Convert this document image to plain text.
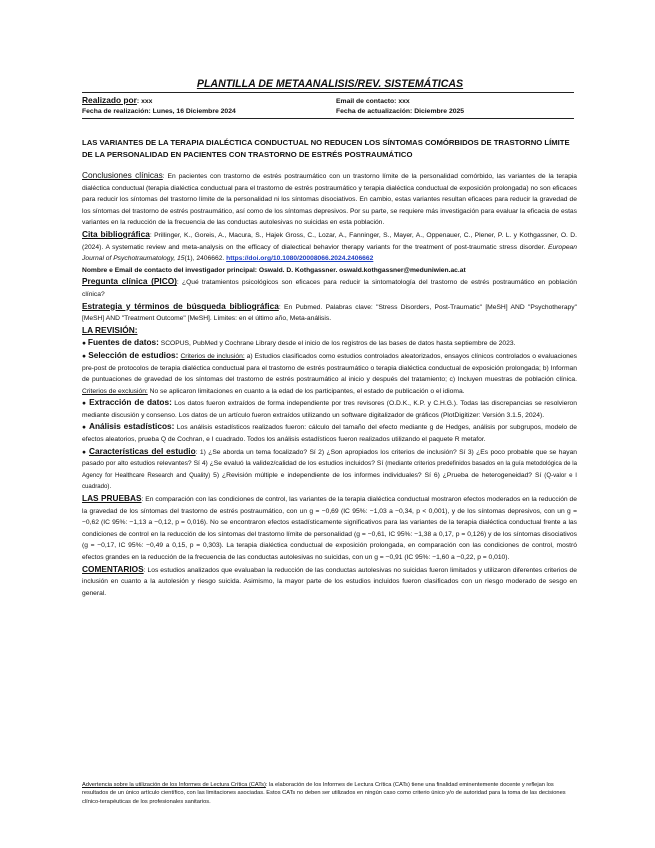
PLANTILLA DE METAANALISIS/REV. SISTEMÁTICAS
Realizado por: xxx	Email de contacto: xxx
Fecha de realización: Lunes, 16 Diciembre 2024	Fecha de actualización: Diciembre 2025
LAS VARIANTES DE LA TERAPIA DIALÉCTICA CONDUCTUAL NO REDUCEN LOS SÍNTOMAS COMÓRBIDOS DE TRASTORNO LÍMITE DE LA PERSONALIDAD EN PACIENTES CON TRASTORNO DE ESTRÉS POSTRAUMÁTICO

Conclusiones clínicas: En pacientes con trastorno de estrés postraumático con un trastorno límite de la personalidad comórbido, las variantes de la terapia dialéctica conductual (terapia dialéctica conductual para el trastorno de estrés postraumático y terapia dialéctica conductual de exposición prolongada) no son eficaces para reducir los síntomas del trastorno límite de la personalidad ni los síntomas disociativos. En cambio, estas variantes resultan eficaces para reducir la gravedad de los síntomas del trastorno de estrés postraumático, así como de los síntomas depresivos. Por su parte, se requiere más investigación para evaluar la eficacia de estas variantes en la reducción de la frecuencia de las conductas autolesivas no suicidas en esta población.

Cita bibliográfica: Prillinger, K., Goreis, A., Macura, S., Hajek Gross, C., Lozar, A., Fanninger, S., Mayer, A., Oppenauer, C., Plener, P. L. y Kothgassner, O. D. (2024). A systematic review and meta-analysis on the efficacy of dialectical behavior therapy variants for the treatment of post-traumatic stress disorder. European Journal of Psychotraumatology, 15(1), 2406662. https://doi.org/10.1080/20008066.2024.2406662

Nombre e Email de contacto del investigador principal: Oswald. D. Kothgassner. oswald.kothgassner@meduniwien.ac.at

Pregunta clínica (PICO): ¿Qué tratamientos psicológicos son eficaces para reducir la sintomatología del trastorno de estrés postraumático en población clínica?

Estrategia y términos de búsqueda bibliográfica: En Pubmed. Palabras clave: "Stress Disorders, Post-Traumatic" [MeSH] AND "Psychotherapy" [MeSH] AND "Treatment Outcome" [MeSH]. Límites: en el último año, Meta-análisis.

LA REVISIÓN:

● Fuentes de datos: SCOPUS, PubMed y Cochrane Library desde el inicio de los registros de las bases de datos hasta septiembre de 2023.

● Selección de estudios: Criterios de inclusión: a) Estudios clasificados como estudios controlados aleatorizados, ensayos clínicos controlados o evaluaciones pre-post de protocolos de terapia dialéctica conductual para el trastorno de estrés postraumático o terapia dialéctica conductual de exposición prolongada; b) Informan de puntuaciones de gravedad de los síntomas del trastorno de estrés postraumático al inicio y después del tratamiento; c) Incluyen muestras de población clínica. Criterios de exclusión: No se aplicaron limitaciones en cuanto a la edad de los participantes, el estado de publicación o el idioma.

● Extracción de datos: Los datos fueron extraídos de forma independiente por tres revisores (O.D.K., K.P. y C.H.G.). Todas las discrepancias se resolvieron mediante discusión y consenso. Los datos de un artículo fueron extraídos utilizando un software digitalizador de gráficos (PlotDigitizer: Versión 3.1.5, 2024).

● Análisis estadísticos: Los análisis estadísticos realizados fueron: cálculo del tamaño del efecto mediante g de Hedges, análisis por subgrupos, modelo de efectos aleatorios, prueba Q de Cochran, e I cuadrado. Todos los análisis estadísticos fueron realizados utilizando el paquete R metafor.

● Características del estudio: 1) ¿Se aborda un tema focalizado? Sí 2) ¿Son apropiados los criterios de inclusión? Sí 3) ¿Es poco probable que se hayan pasado por alto estudios relevantes? Sí 4) ¿Se evaluó la validez/calidad de los estudios incluidos? Sí (mediante criterios predefinidos basados en la guía metodológica de la Agency for Healthcare Research and Quality) 5) ¿Revisión múltiple e independiente de los informes individuales? Sí 6) ¿Prueba de heterogeneidad? Sí (Q-valor e I cuadrado).

LAS PRUEBAS: En comparación con las condiciones de control, las variantes de la terapia dialéctica conductual mostraron efectos moderados en la reducción de la gravedad de los síntomas del trastorno de estrés postraumático, con un g = −0,69 (IC 95%: −1,03 a −0,34, p < 0,001), y de los síntomas depresivos, con un g = −0,62 (IC 95%: −1,13 a −0,12, p = 0,016). No se encontraron efectos estadísticamente significativos para las variantes de la terapia dialéctica conductual frente a las condiciones de control en la reducción de los síntomas del trastorno límite de personalidad (g = −0,61, IC 95%: −1,38 a 0,17, p = 0,126) y de los síntomas disociativos (g = −0,17, IC 95%: −0,49 a 0,15, p = 0,303). La terapia dialéctica conductual de exposición prolongada, en comparación con las condiciones de control, mostró efectos grandes en la reducción de la frecuencia de las conductas autolesivas no suicidas, con un g = −0,91 (IC 95%: −1,60 a −0,22, p = 0,010).

COMENTARIOS: Los estudios analizados que evaluaban la reducción de las conductas autolesivas no suicidas fueron limitados y utilizaron diferentes criterios de inclusión en cuanto a la autolesión y riesgo suicida. Asimismo, la mayor parte de los estudios incluidos fueron clasificados con un riesgo moderado de sesgo en general.

Advertencia sobre la utilización de los Informes de Lectura Crítica (CATs): la elaboración de los Informes de Lectura Crítica (CATs) tiene una finalidad eminentemente docente y reflejan los resultados de un único artículo científico, con las limitaciones asociadas. Estos CATs no deben ser utilizados en ningún caso como criterio único y/o de autoridad para la toma de las decisiones clínico-terapéuticas de los profesionales sanitarios.
